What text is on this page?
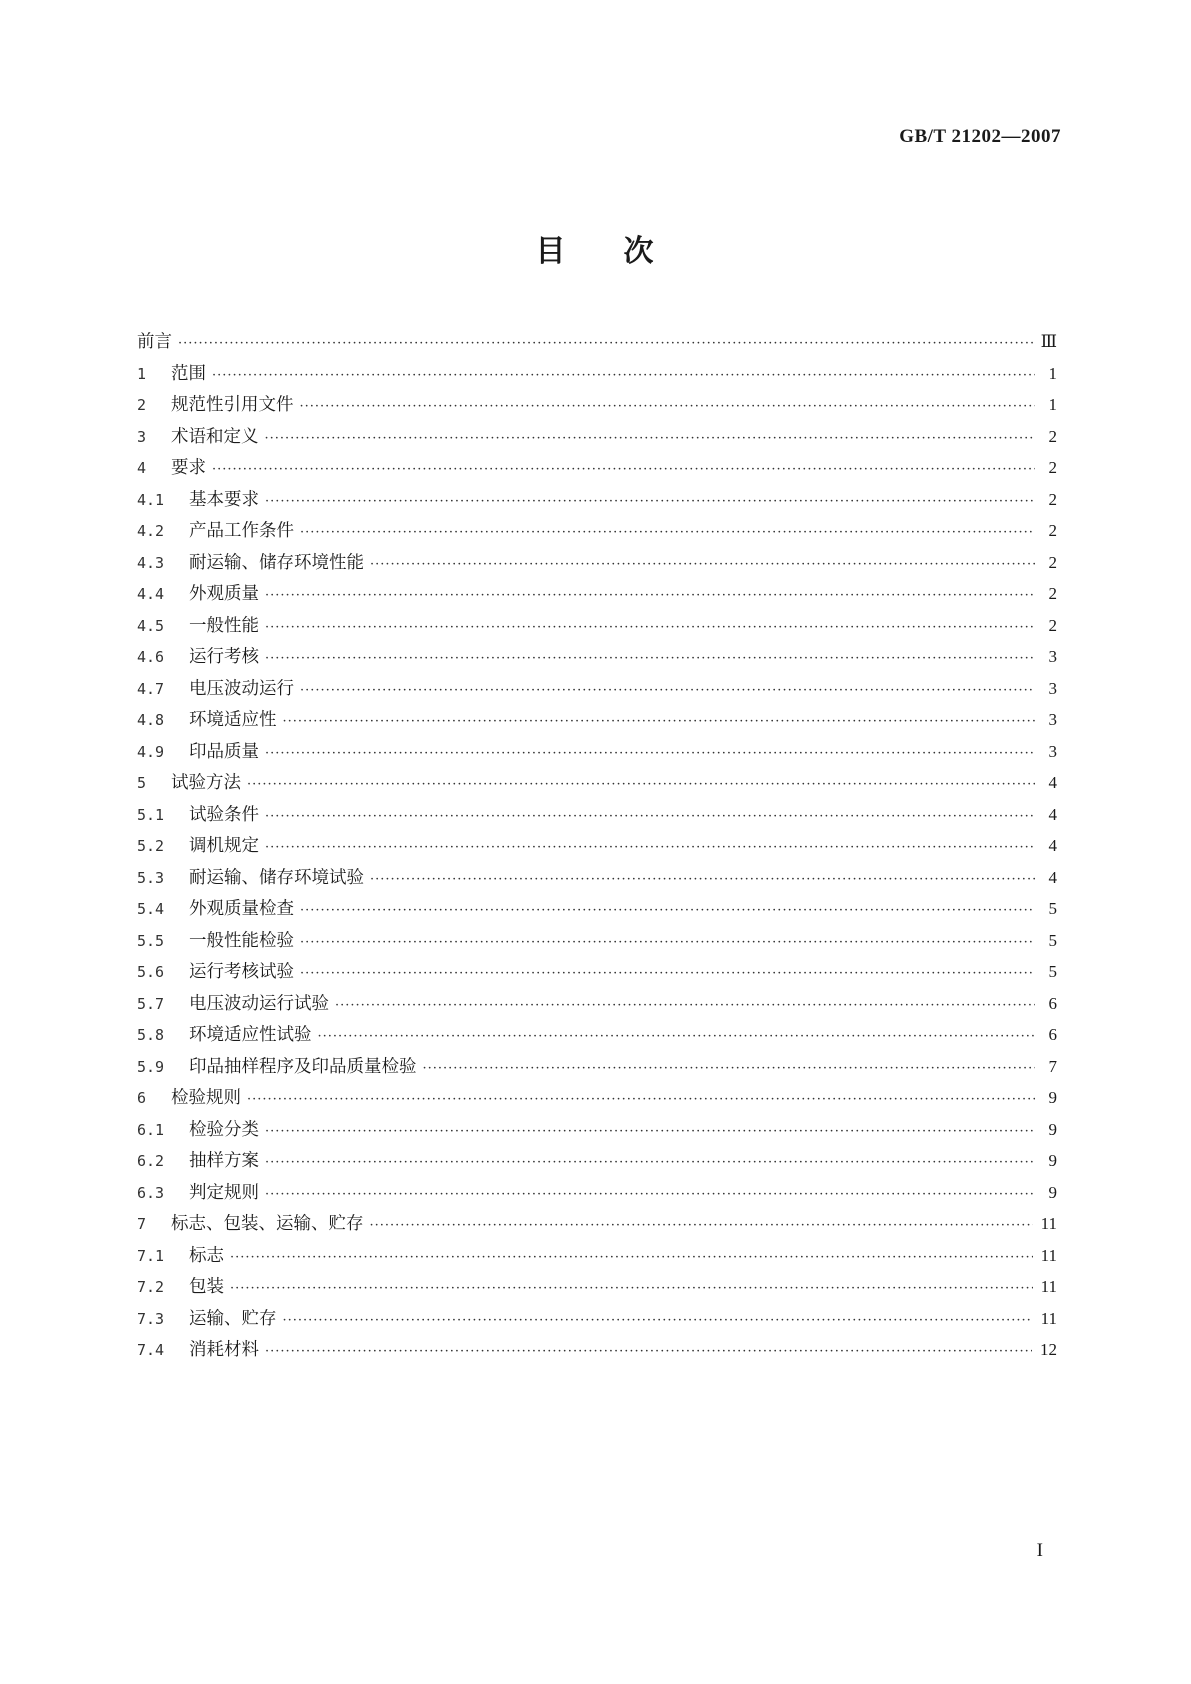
GB/T 21202—2007
目 次
前言 ·····	Ⅲ
1	范围 ·····	1
2	规范性引用文件 ·····	1
3	术语和定义 ·····	2
4	要求 ·····	2
4.1	基本要求 ·····	2
4.2	产品工作条件 ·····	2
4.3	耐运输、储存环境性能 ·····	2
4.4	外观质量 ·····	2
4.5	一般性能 ·····	2
4.6	运行考核 ·····	3
4.7	电压波动运行 ·····	3
4.8	环境适应性 ·····	3
4.9	印品质量 ·····	3
5	试验方法 ·····	4
5.1	试验条件 ·····	4
5.2	调机规定 ·····	4
5.3	耐运输、储存环境试验 ·····	4
5.4	外观质量检查 ·····	5
5.5	一般性能检验 ·····	5
5.6	运行考核试验 ·····	5
5.7	电压波动运行试验 ·····	6
5.8	环境适应性试验 ·····	6
5.9	印品抽样程序及印品质量检验 ·····	7
6	检验规则 ·····	9
6.1	检验分类 ·····	9
6.2	抽样方案 ·····	9
6.3	判定规则 ·····	9
7	标志、包装、运输、贮存 ·····	11
7.1	标志 ·····	11
7.2	包装 ·····	11
7.3	运输、贮存 ·····	11
7.4	消耗材料 ·····	12
I
